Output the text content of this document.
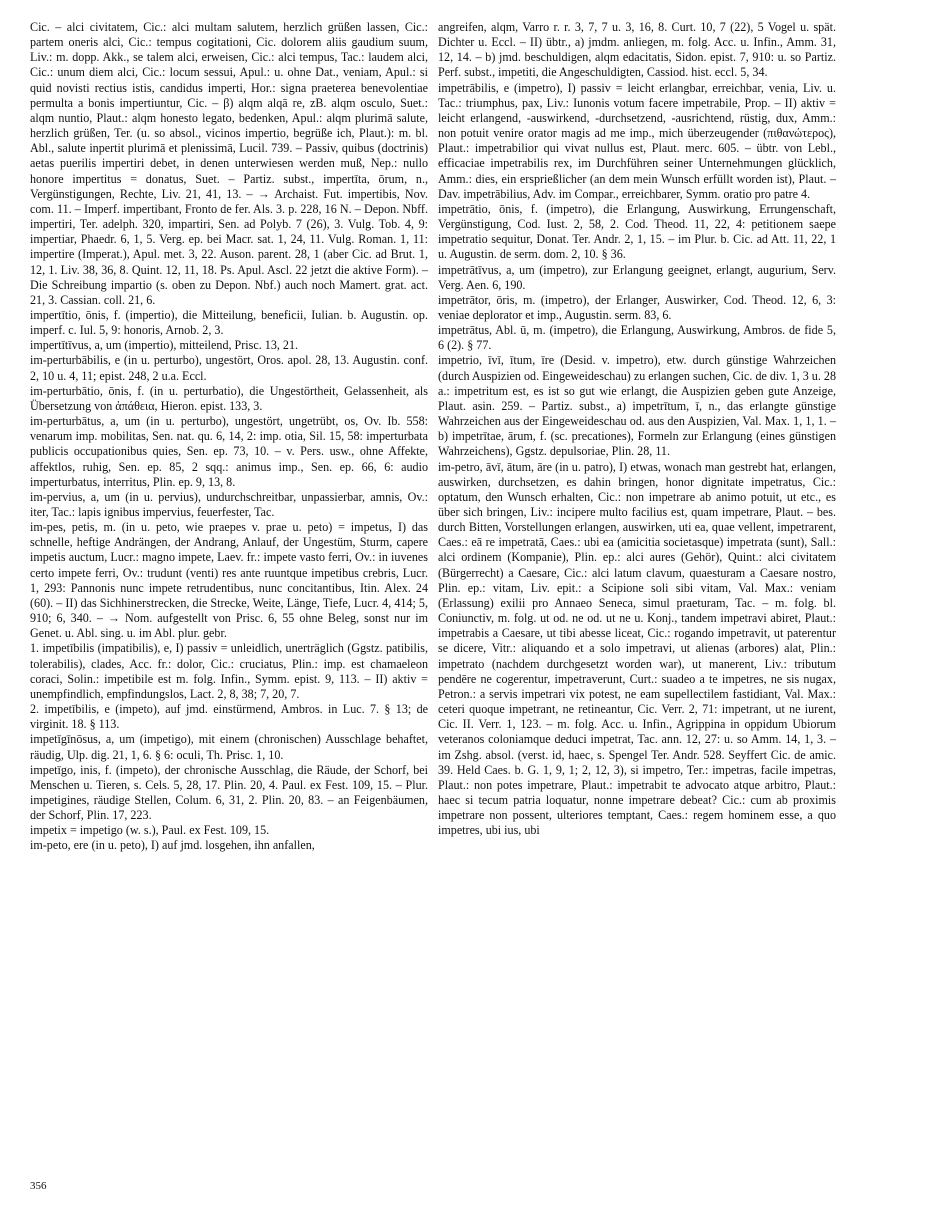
Cic. – alci civitatem, Cic.: alci multam salutem, herzlich grüßen lassen, Cic.: partem oneris alci, Cic.: tempus cogitationi, Cic. dolorem aliis gaudium suum, Liv.: m. dopp. Akk., se talem alci, erweisen, Cic.: alci tempus, Tac.: laudem alci, Cic.: unum diem alci, Cic.: locum sessui, Apul.: u. ohne Dat., veniam, Apul.: si quid novisti rectius istis, candidus imperti, Hor.: signa praeterea benevolentiae permulta a bonis impertiuntur, Cic. – β) alqm alqā re, zB. alqm osculo, Suet.: alqm nuntio, Plaut.: alqm honesto legato, bedenken, Apul.: alqm plurimā salute, herzlich grüßen, Ter. (u. so absol., vicinos impertio, begrüße ich, Plaut.): m. bl. Abl., salute inpertit plurimā et plenissimā, Lucil. 739. – Passiv, quibus (doctrinis) aetas puerilis impertiri debet, in denen unterwiesen werden muß, Nep.: nullo honore impertitus = donatus, Suet. – Partiz. subst., impertīta, ōrum, n., Vergünstigungen, Rechte, Liv. 21, 41, 13. – → Archaist. Fut. impertibis, Nov. com. 11. – Imperf. impertibant, Fronto de fer. Als. 3. p. 228, 16 N. – Depon. Nbff. impertiri, Ter. adelph. 320, impartiri, Sen. ad Polyb. 7 (26), 3. Vulg. Tob. 4, 9: impertiar, Phaedr. 6, 1, 5. Verg. ep. bei Macr. sat. 1, 24, 11. Vulg. Roman. 1, 11: impertire (Imperat.), Apul. met. 3, 22. Auson. parent. 28, 1 (aber Cic. ad Brut. 1, 12, 1. Liv. 38, 36, 8. Quint. 12, 11, 18. Ps. Apul. Ascl. 22 jetzt die aktive Form). – Die Schreibung impartio (s. oben zu Depon. Nbf.) auch noch Mamert. grat. act. 21, 3. Cassian. coll. 21, 6.

impertītio, ōnis, f. (impertio), die Mitteilung, beneficii, Iulian. b. Augustin. op. imperf. c. Iul. 5, 9: honoris, Arnob. 2, 3.

impertītīvus, a, um (impertio), mitteilend, Prisc. 13, 21.

im-perturbābilis, e (in u. perturbo), ungestört, Oros. apol. 28, 13. Augustin. conf. 2, 10 u. 4, 11; epist. 248, 2 u.a. Eccl.

im-perturbātio, ōnis, f. (in u. perturbatio), die Ungestörtheit, Gelassenheit, als Übersetzung von ἀπάθεια, Hieron. epist. 133, 3.

im-perturbātus, a, um (in u. perturbo), ungestört, ungetrübt, os, Ov. Ib. 558: venarum imp. mobilitas, Sen. nat. qu. 6, 14, 2: imp. otia, Sil. 15, 58: imperturbata publicis occupationibus quies, Sen. ep. 73, 10. – v. Pers. usw., ohne Affekte, affektlos, ruhig, Sen. ep. 85, 2 sqq.: animus imp., Sen. ep. 66, 6: audio imperturbatus, interritus, Plin. ep. 9, 13, 8.

im-pervius, a, um (in u. pervius), undurchschreitbar, unpassierbar, amnis, Ov.: iter, Tac.: lapis ignibus impervius, feuerfester, Tac.

im-pes, petis, m. (in u. peto, wie praepes v. prae u. peto) = impetus, I) das schnelle, heftige Andrängen, der Andrang, Anlauf, der Ungestüm, Sturm, capere impetis auctum, Lucr.: magno impete, Laev. fr.: impete vasto ferri, Ov.: in iuvenes certo impete ferri, Ov.: trudunt (venti) res ante ruuntque impetibus crebris, Lucr. 1, 293: Pannonis nunc impete retrudentibus, nunc concitantibus, Itin. Alex. 24 (60). – II) das Sichhinerstrecken, die Strecke, Weite, Länge, Tiefe, Lucr. 4, 414; 5, 910; 6, 340. – → Nom. aufgestellt von Prisc. 6, 55 ohne Beleg, sonst nur im Genet. u. Abl. sing. u. im Abl. plur. gebr.

1. impetībilis (impatibilis), e, I) passiv = unleidlich, unerträglich (Ggstz. patibilis, tolerabilis), clades, Acc. fr.: dolor, Cic.: cruciatus, Plin.: imp. est chamaeleon coraci, Solin.: impetibile est m. folg. Infin., Symm. epist. 9, 113. – II) aktiv = unempfindlich, empfindungslos, Lact. 2, 8, 38; 7, 20, 7.

2. impetībilis, e (impeto), auf jmd. einstürmend, Ambros. in Luc. 7. § 13; de virginit. 18. § 113.

impetīgīnōsus, a, um (impetigo), mit einem (chronischen) Ausschlage behaftet, räudig, Ulp. dig. 21, 1, 6. § 6: oculi, Th. Prisc. 1, 10.

impetīgo, inis, f. (impeto), der chronische Ausschlag, die Räude, der Schorf, bei Menschen u. Tieren, s. Cels. 5, 28, 17. Plin. 20, 4. Paul. ex Fest. 109, 15. – Plur. impetigines, räudige Stellen, Colum. 6, 31, 2. Plin. 20, 83. – an Feigenbäumen, der Schorf, Plin. 17, 223.

impetix = impetigo (w. s.), Paul. ex Fest. 109, 15.

im-peto, ere (in u. peto), I) auf jmd. losgehen, ihn anfallen,

angreifen, alqm, Varro r. r. 3, 7, 7 u. 3, 16, 8. Curt. 10, 7 (22), 5 Vogel u. spät. Dichter u. Eccl. – II) übtr., a) jmdm. anliegen, m. folg. Acc. u. Infin., Amm. 31, 12, 14. – b) jmd. beschuldigen, alqm edacitatis, Sidon. epist. 7, 910: u. so Partiz. Perf. subst., impetiti, die Angeschuldigten, Cassiod. hist. eccl. 5, 34.

impetrābilis, e (impetro), I) passiv = leicht erlangbar, erreichbar, venia, Liv. u. Tac.: triumphus, pax, Liv.: Iunonis votum facere impetrabile, Prop. – II) aktiv = leicht erlangend, -auswirkend, -durchsetzend, -ausrichtend, rüstig, dux, Amm.: non potuit venire orator magis ad me imp., mich überzeugender (πιθανώτερος), Plaut.: impetrabilior qui vivat nullus est, Plaut. merc. 605. – übtr. von Lebl., efficaciae impetrabilis rex, im Durchführen seiner Unternehmungen glücklich, Amm.: dies, ein ersprießlicher (an dem mein Wunsch erfüllt worden ist), Plaut. – Dav. impetrābilius, Adv. im Compar., erreichbarer, Symm. oratio pro patre 4.

impetrātio, ōnis, f. (impetro), die Erlangung, Auswirkung, Errungenschaft, Vergünstigung, Cod. Iust. 2, 58, 2. Cod. Theod. 11, 22, 4: petitionem saepe impetratio sequitur, Donat. Ter. Andr. 2, 1, 15. – im Plur. b. Cic. ad Att. 11, 22, 1 u. Augustin. de serm. dom. 2, 10. § 36.

impetrātīvus, a, um (impetro), zur Erlangung geeignet, erlangt, augurium, Serv. Verg. Aen. 6, 190.

impetrātor, ōris, m. (impetro), der Erlanger, Auswirker, Cod. Theod. 12, 6, 3: veniae deplorator et imp., Augustin. serm. 83, 6.

impetrātus, Abl. ū, m. (impetro), die Erlangung, Auswirkung, Ambros. de fide 5, 6 (2). § 77.

impetrio, īvī, ītum, īre (Desid. v. impetro), etw. durch günstige Wahrzeichen (durch Auspizien od. Eingeweideschau) zu erlangen suchen, Cic. de div. 1, 3 u. 28 a.: impetritum est, es ist so gut wie erlangt, die Auspizien geben gute Anzeige, Plaut. asin. 259. – Partiz. subst., a) impetrītum, ī, n., das erlangte günstige Wahrzeichen aus der Eingeweideschau od. aus den Auspizien, Val. Max. 1, 1, 1. – b) impetrītae, ārum, f. (sc. precationes), Formeln zur Erlangung (eines günstigen Wahrzeichens), Ggstz. depulsoriae, Plin. 28, 11.

im-petro, āvī, ātum, āre (in u. patro), I) etwas, wonach man gestrebt hat, erlangen, auswirken, durchsetzen, es dahin bringen, honor dignitate impetratus, Cic.: optatum, den Wunsch erhalten, Cic.: non impetrare ab animo potuit, ut etc., es über sich bringen, Liv.: incipere multo facilius est, quam impetrare, Plaut. – bes. durch Bitten, Vorstellungen erlangen, auswirken, uti ea, quae vellent, impetrarent, Caes.: eā re impetratā, Caes.: ubi ea (amicitia societasque) impetrata (sunt), Sall.: alci ordinem (Kompanie), Plin. ep.: alci aures (Gehör), Quint.: alci civitatem (Bürgerrecht) a Caesare, Cic.: alci latum clavum, quaesturam a Caesare nostro, Plin. ep.: vitam, Liv. epit.: a Scipione soli sibi vitam, Val. Max.: veniam (Erlassung) exilii pro Annaeo Seneca, simul praeturam, Tac. – m. folg. bl. Coniunctiv, m. folg. ut od. ne od. ut ne u. Konj., tandem impetravi abiret, Plaut.: impetrabis a Caesare, ut tibi abesse liceat, Cic.: rogando impetravit, ut paterentur se dicere, Vitr.: aliquando et a solo impetravi, ut alienas (arbores) alat, Plin.: impetrato (nachdem durchgesetzt worden war), ut manerent, Liv.: tributum pendēre ne cogerentur, impetraverunt, Curt.: suadeo a te impetres, ne sis nugax, Petron.: a servis impetrari vix potest, ne eam supellectilem fastidiant, Val. Max.: ceteri quoque impetrant, ne retineantur, Cic. Verr. 2, 71: impetrant, ut ne iurent, Cic. II. Verr. 1, 123. – m. folg. Acc. u. Infin., Agrippina in oppidum Ubiorum veteranos coloniamque deduci impetrat, Tac. ann. 12, 27: u. so Amm. 14, 1, 3. – im Zshg. absol. (verst. id, haec, s. Spengel Ter. Andr. 528. Seyffert Cic. de amic. 39. Held Caes. b. G. 1, 9, 1; 2, 12, 3), si impetro, Ter.: impetras, facile impetras, Plaut.: non potes impetrare, Plaut.: impetrabit te advocato atque arbitro, Plaut.: haec si tecum patria loquatur, nonne impetrare debeat? Cic.: cum ab proximis impetrare non possent, ulteriores temptant, Caes.: regem hominem esse, a quo impetres, ubi ius, ubi

356
